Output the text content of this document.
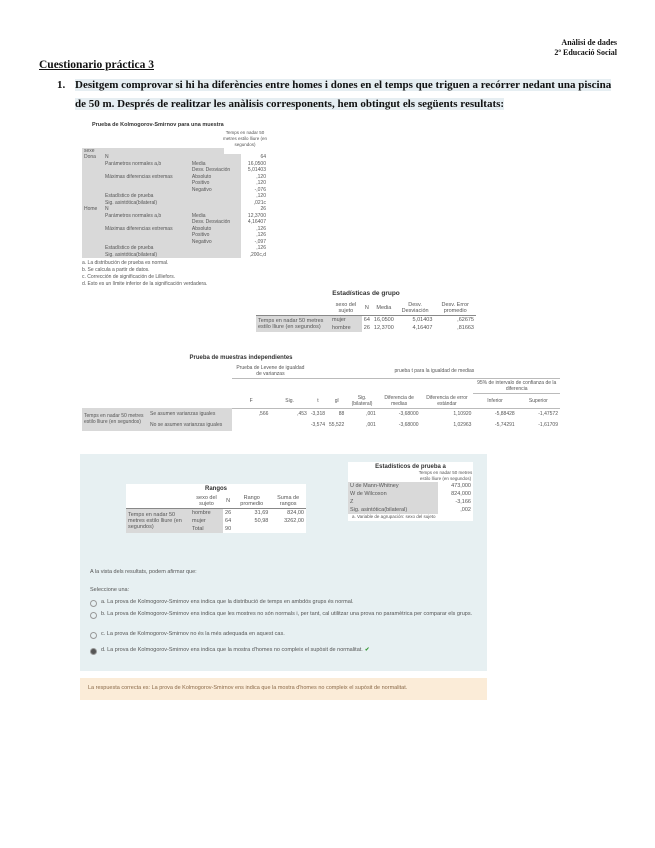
Anàlisi de dades
2º Educació Social
Cuestionario práctica 3
1. Desitgem comprovar si hi ha diferències entre homes i dones en el temps que triguen a recórrer nedant una piscina de 50 m. Després de realitzar les anàlisis corresponents, hem obtingut els següents resultats:
Prueba de Kolmogorov-Smirnov para una muestra
Temps en nadar 50 metres estilo lliure (en segundos)
sexe
Dona	N		64
	Parámetros normales a,b	Media	16,0500
		Desv. Desviación	5,01403
	Máximas diferencias extremas	Absoluto	,120
		Positivo	,120
		Negativo	-,076
	Estadístico de prueba		,120
	Sig. asintótica(bilateral)		,021c
Home	N		26
	Parámetros normales a,b	Media	12,3700
		Desv. Desviación	4,16407
	Máximas diferencias extremas	Absoluto	,126
		Positivo	,126
		Negativo	-,097
	Estadístico de prueba		,126
	Sig. asintótica(bilateral)		,200c,d
a. La distribución de prueba es normal.
b. Se calcula a partir de datos.
c. Corrección de significación de Lilliefors.
d. Esto es un límite inferior de la significación verdadera.
Estadísticas de grupo
	sexo del sujeto	N	Media	Desv. Desviación	Desv. Error promedio
Temps en nadar 50 metres estilo lliure (en segundos)	mujer	64	16,0500	5,01403	,62675
	hombre	26	12,3700	4,16407	,81663
Prueba de muestras independientes
		Prueba de Levene de igualdad de varianzas		prueba t para la igualdad de medias						
									95% de intervalo de confianza de la diferencia	
		F	Sig.	t	gl	Sig. (bilateral)	Diferencia de medias	Diferencia de error estándar	Inferior	Superior
Temps en nadar 50 metres estilo lliure (en segundos)	Se asumen varianzas iguales	,566	,453	-3,318	88	,001	-3,68000	1,10920	-5,88428	-1,47572
	No se asumen varianzas iguales			-3,574	55,522	,001	-3,68000	1,02963	-5,74291	-1,61709
Rangos
	sexo del sujeto	N	Rango promedio	Suma de rangos
Temps en nadar 50 metres estilo lliure (en segundos)	hombre	26	31,69	824,00
	mujer	64	50,98	3262,00
	Total	90		
Estadísticos de prueba a
Temps en nadar 50 metres estilo lliure (en segundos)
U de Mann-Whitney	473,000
W de Wilcoxon	824,000
Z	-3,166
Sig. asintótica(bilateral)	,002
a. Variable de agrupación: sexo del sujeto
A la vista dels resultats, podem afirmar que:
Seleccione una:
a. La prova de Kolmogorov-Smirnov ens indica que la distribució de temps en ambdós grups és normal.
b. La prova de Kolmogorov-Smirnov ens indica que les mostres no són normals i, per tant, cal utilitzar una prova no paramètrica per comparar els grups.
c. La prova de Kolmogorov-Smirnov no és la més adequada en aquest cas.
d. La prova de Kolmogorov-Smirnov ens indica que la mostra d'homes no compleix el supòsit de normalitat. ✔
La respuesta correcta es: La prova de Kolmogorov-Smirnov ens indica que la mostra d'homes no compleix el supòsit de normalitat.
